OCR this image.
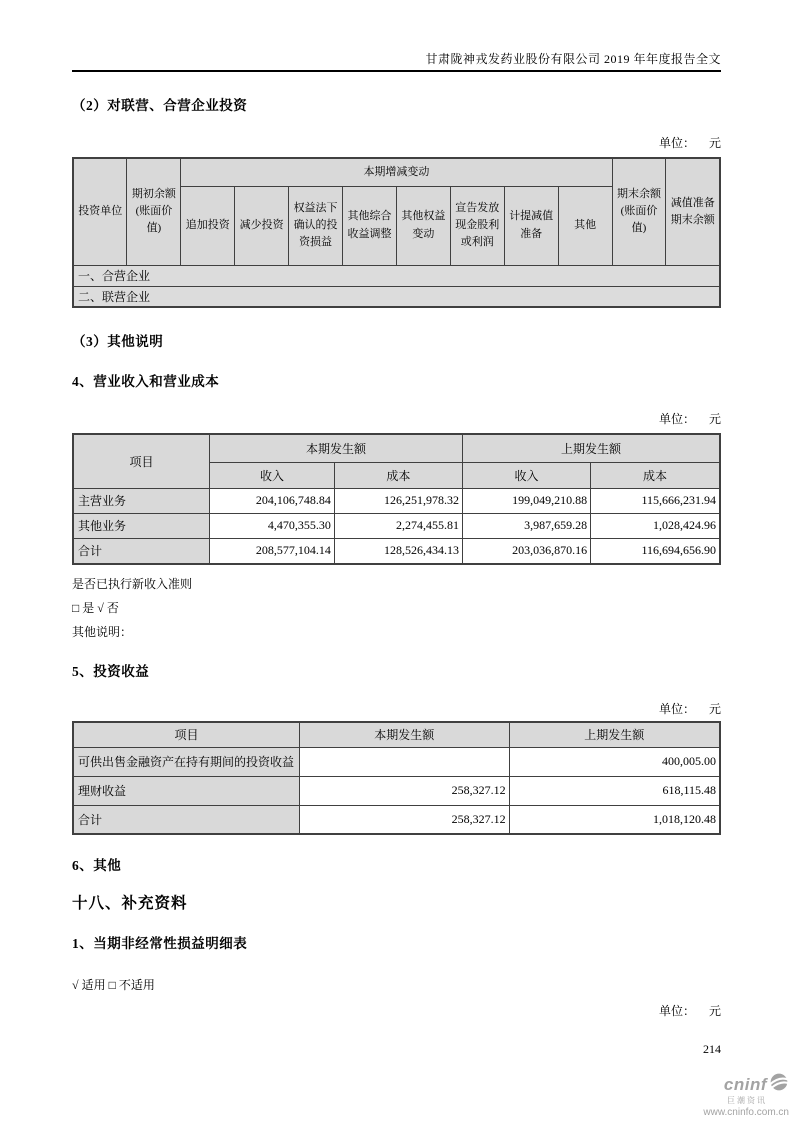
甘肃陇神戎发药业股份有限公司 2019 年年度报告全文
（2）对联营、合营企业投资
单位： 元
投资单位	期初余额(账面价值)	本期增减变动								期末余额(账面价值)	减值准备期末余额
		追加投资	减少投资	权益法下确认的投资损益	其他综合收益调整	其他权益变动	宣告发放现金股利或利润	计提减值准备	其他		
一、合营企业											
二、联营企业											
（3）其他说明
4、营业收入和营业成本
单位： 元
项目	本期发生额		上期发生额	
	收入	成本	收入	成本
主营业务	204,106,748.84	126,251,978.32	199,049,210.88	115,666,231.94
其他业务	4,470,355.30	2,274,455.81	3,987,659.28	1,028,424.96
合计	208,577,104.14	128,526,434.13	203,036,870.16	116,694,656.90
是否已执行新收入准则
□ 是 √ 否
其他说明：
5、投资收益
单位： 元
项目	本期发生额	上期发生额
可供出售金融资产在持有期间的投资收益		400,005.00
理财收益	258,327.12	618,115.48
合计	258,327.12	1,018,120.48
6、其他
十八、补充资料
1、当期非经常性损益明细表
√ 适用 □ 不适用
单位： 元
214
cninf
巨潮资讯
www.cninfo.com.cn
